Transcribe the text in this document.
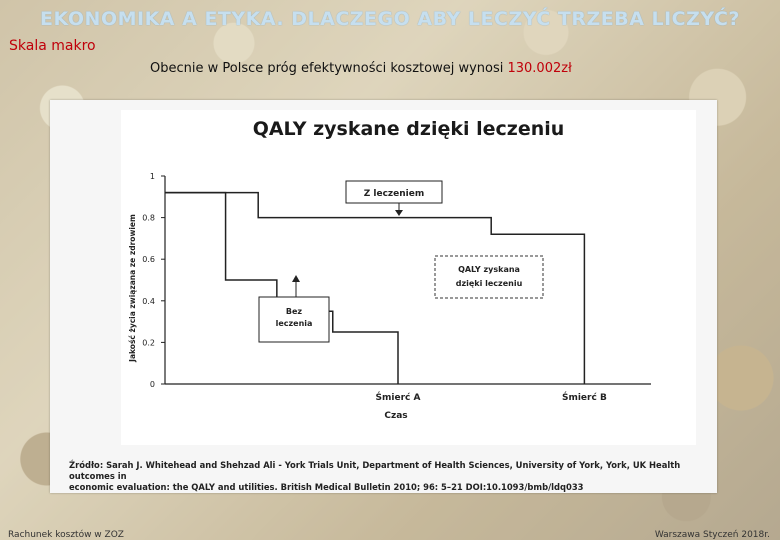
EKONOMIKA A ETYKA. DLACZEGO ABY LECZYĆ TRZEBA LICZYĆ?
Skala makro
Obecnie w Polsce próg efektywności kosztowej wynosi 130.002zł
QALY zyskane dzięki leczeniu
0
0.2
0.4
0.6
0.8
1
Jakość życia związana ze zdrowiem
Czas
Śmierć A	Śmierć B
Z leczeniem
Bez
leczenia
QALY zyskana
dzięki leczeniu
Źródło: Sarah J. Whitehead and Shehzad Ali - York Trials Unit, Department of Health Sciences, University of York, York, UK Health outcomes in
economic evaluation: the QALY and utilities. British Medical Bulletin 2010; 96: 5–21 DOI:10.1093/bmb/ldq033
Rachunek kosztów w ZOZ	Warszawa Styczeń 2018r.
